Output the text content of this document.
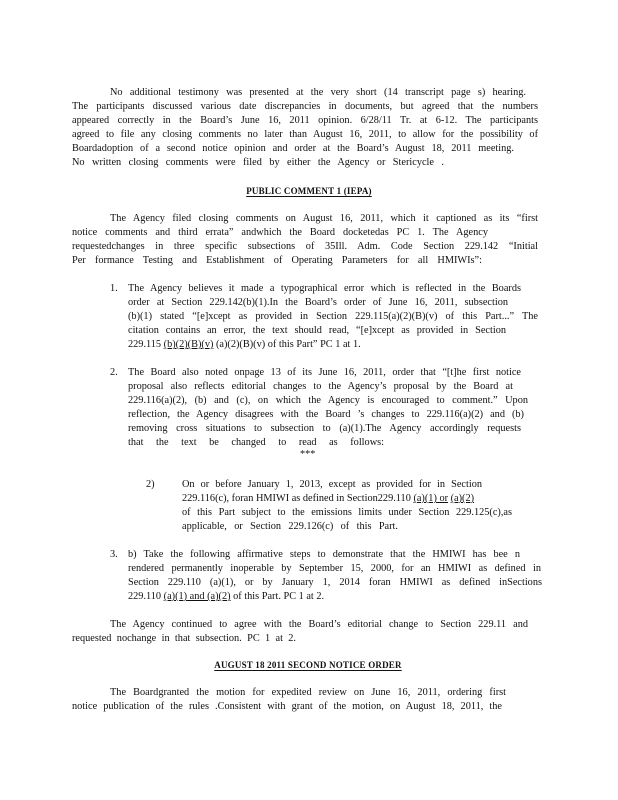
No additional testimony was presented at the very short (14 transcript page s) hearing.
The participants discussed various date discrepancies in documents, but agreed that the numbers
appeared correctly in the Board’s June 16, 2011 opinion. 6/28/11 Tr. at 6-12. The participants
agreed to file any closing comments no later than August 16, 2011, to allow for the possibility of
Boardadoption of a second notice opinion and order at the Board’s August 18, 2011 meeting.
No written closing comments were filed by either the Agency or Stericycle .
PUBLIC COMMENT 1 (IEPA)
The Agency filed closing comments on August 16, 2011, which it captioned as its “first
notice comments and third errata” andwhich the Board docketedas PC 1. The Agency
requestedchanges in three specific subsections of 35Ill. Adm. Code Section 229.142 “Initial
Per formance Testing and Establishment of Operating Parameters for all HMIWIs”:
1. The Agency believes it made a typographical error which is reflected in the Boards
order at Section 229.142(b)(1).In the Board’s order of June 16, 2011, subsection
(b)(1) stated “[e]xcept as provided in Section 229.115(a)(2)(B)(v) of this Part...” The
citation contains an error, the text should read, “[e]xcept as provided in Section
229.115 (b)(2)(B)(v) (a)(2)(B)(v) of this Part” PC 1 at 1.
2. The Board also noted onpage 13 of its June 16, 2011, order that “[t]he first notice
proposal also reflects editorial changes to the Agency’s proposal by the Board at
229.116(a)(2), (b) and (c), on which the Agency is encouraged to comment.” Upon
reflection, the Agency disagrees with the Board ’s changes to 229.116(a)(2) and (b)
removing cross situations to subsection to (a)(1).The Agency accordingly requests
that the text be changed to read as follows:
***
2)	On or before January 1, 2013, except as provided for in Section
229.116(c), foran HMIWI as defined in Section229.110 (a)(1) or (a)(2)
of this Part subject to the emissions limits under Section 229.125(c),as
applicable, or Section 229.126(c) of this Part.
3. b) Take the following affirmative steps to demonstrate that the HMIWI has bee n
rendered permanently inoperable by September 15, 2000, for an HMIWI as defined in
Section 229.110 (a)(1), or by January 1, 2014 foran HMIWI as defined inSections
229.110 (a)(1) and (a)(2) of this Part. PC 1 at 2.
The Agency continued to agree with the Board’s editorial change to Section 229.11 and
requested nochange in that subsection. PC 1 at 2.
AUGUST 18 2011 SECOND NOTICE ORDER
The Boardgranted the motion for expedited review on June 16, 2011, ordering first
notice publication of the rules .Consistent with grant of the motion, on August 18, 2011, the
